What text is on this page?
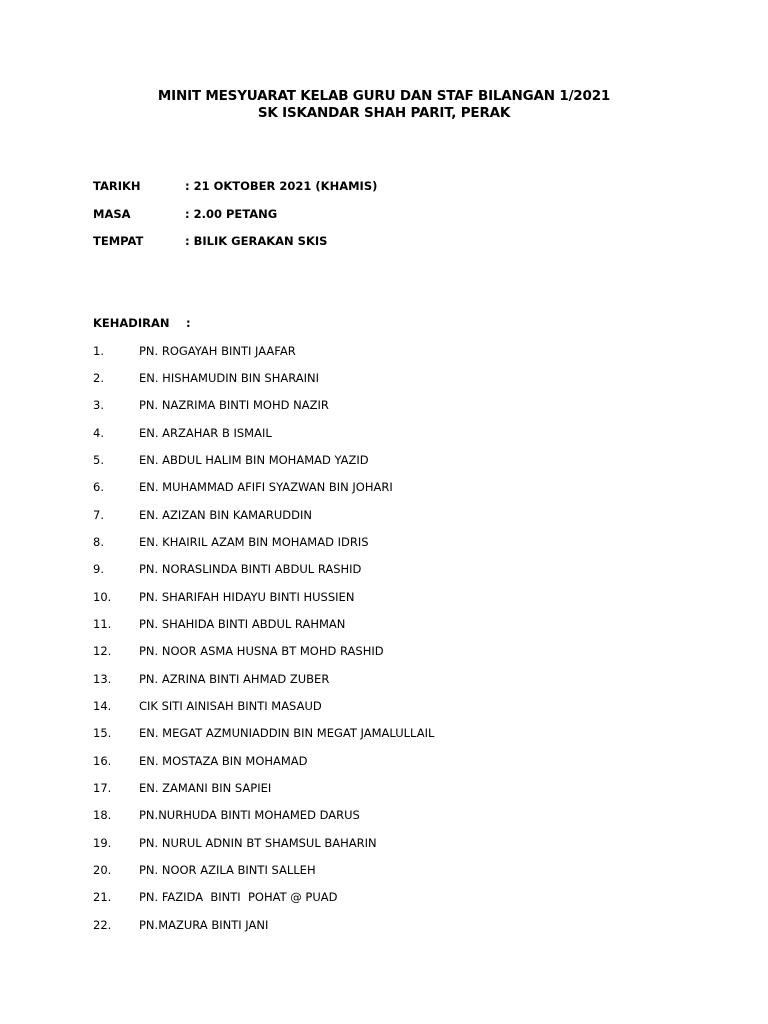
MINIT MESYUARAT KELAB GURU DAN STAF BILANGAN 1/2021
SK ISKANDAR SHAH PARIT, PERAK
TARIKH	: 21 OKTOBER 2021 (KHAMIS)
MASA	: 2.00 PETANG
TEMPAT	: BILIK GERAKAN SKIS
KEHADIRAN	:
1.	PN. ROGAYAH BINTI JAAFAR
2.	EN. HISHAMUDIN BIN SHARAINI
3.	PN. NAZRIMA BINTI MOHD NAZIR
4.	EN. ARZAHAR B ISMAIL
5.	EN. ABDUL HALIM BIN MOHAMAD YAZID
6.	EN. MUHAMMAD AFIFI SYAZWAN BIN JOHARI
7.	EN. AZIZAN BIN KAMARUDDIN
8.	EN. KHAIRIL AZAM BIN MOHAMAD IDRIS
9.	PN. NORASLINDA BINTI ABDUL RASHID
10.	PN. SHARIFAH HIDAYU BINTI HUSSIEN
11.	PN. SHAHIDA BINTI ABDUL RAHMAN
12.	PN. NOOR ASMA HUSNA BT MOHD RASHID
13.	PN. AZRINA BINTI AHMAD ZUBER
14.	CIK SITI AINISAH BINTI MASAUD
15.	EN. MEGAT AZMUNIADDIN BIN MEGAT JAMALULLAIL
16.	EN. MOSTAZA BIN MOHAMAD
17.	EN. ZAMANI BIN SAPIEI
18.	PN.NURHUDA BINTI MOHAMED DARUS
19.	PN. NURUL ADNIN BT SHAMSUL BAHARIN
20.	PN. NOOR AZILA BINTI SALLEH
21.	PN. FAZIDA  BINTI  POHAT @ PUAD
22.	PN.MAZURA BINTI JANI
